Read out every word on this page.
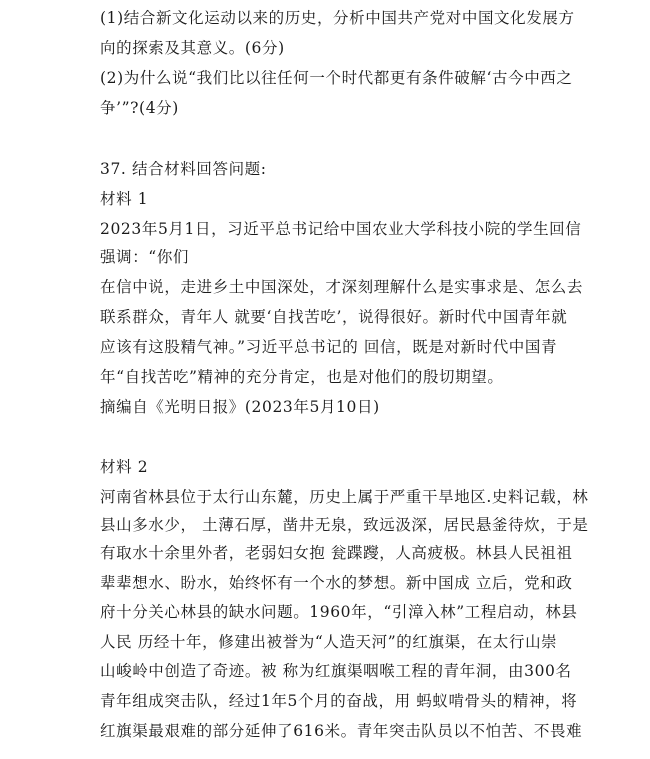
(1)结合新文化运动以来的历史，分析中国共产党对中国文化发展方
向的探索及其意义。(6分)
(2)为什么说“我们比以往任何一个时代都更有条件破解‘古今中西之
争’”?(4分)
37. 结合材料回答问题:
材料 1
2023年5月1日，习近平总书记给中国农业大学科技小院的学生回信
强调：“你们
在信中说，走进乡土中国深处，才深刻理解什么是实事求是、怎么去
联系群众，青年人 就要‘自找苦吃’，说得很好。新时代中国青年就
应该有这股精气神。”习近平总书记的 回信，既是对新时代中国青
年“自找苦吃”精神的充分肯定，也是对他们的殷切期望。
摘编自《光明日报》(2023年5月10日)
材料 2
河南省林县位于太行山东麓，历史上属于严重干旱地区.史料记载，林
县山多水少， 土薄石厚，凿井无泉，致远汲深，居民悬釜待炊，于是
有取水十余里外者，老弱妇女抱 瓮蹀躞，人高疲极。林县人民祖祖
辈辈想水、盼水，始终怀有一个水的梦想。新中国成 立后，党和政
府十分关心林县的缺水问题。1960年，“引漳入林”工程启动，林县
人民 历经十年，修建出被誉为“人造天河”的红旗渠，在太行山崇
山峻岭中创造了奇迹。被 称为红旗渠咽喉工程的青年洞，由300名
青年组成突击队，经过1年5个月的奋战，用 蚂蚁啃骨头的精神，将
红旗渠最艰难的部分延伸了616米。青年突击队员以不怕苦、不畏难
